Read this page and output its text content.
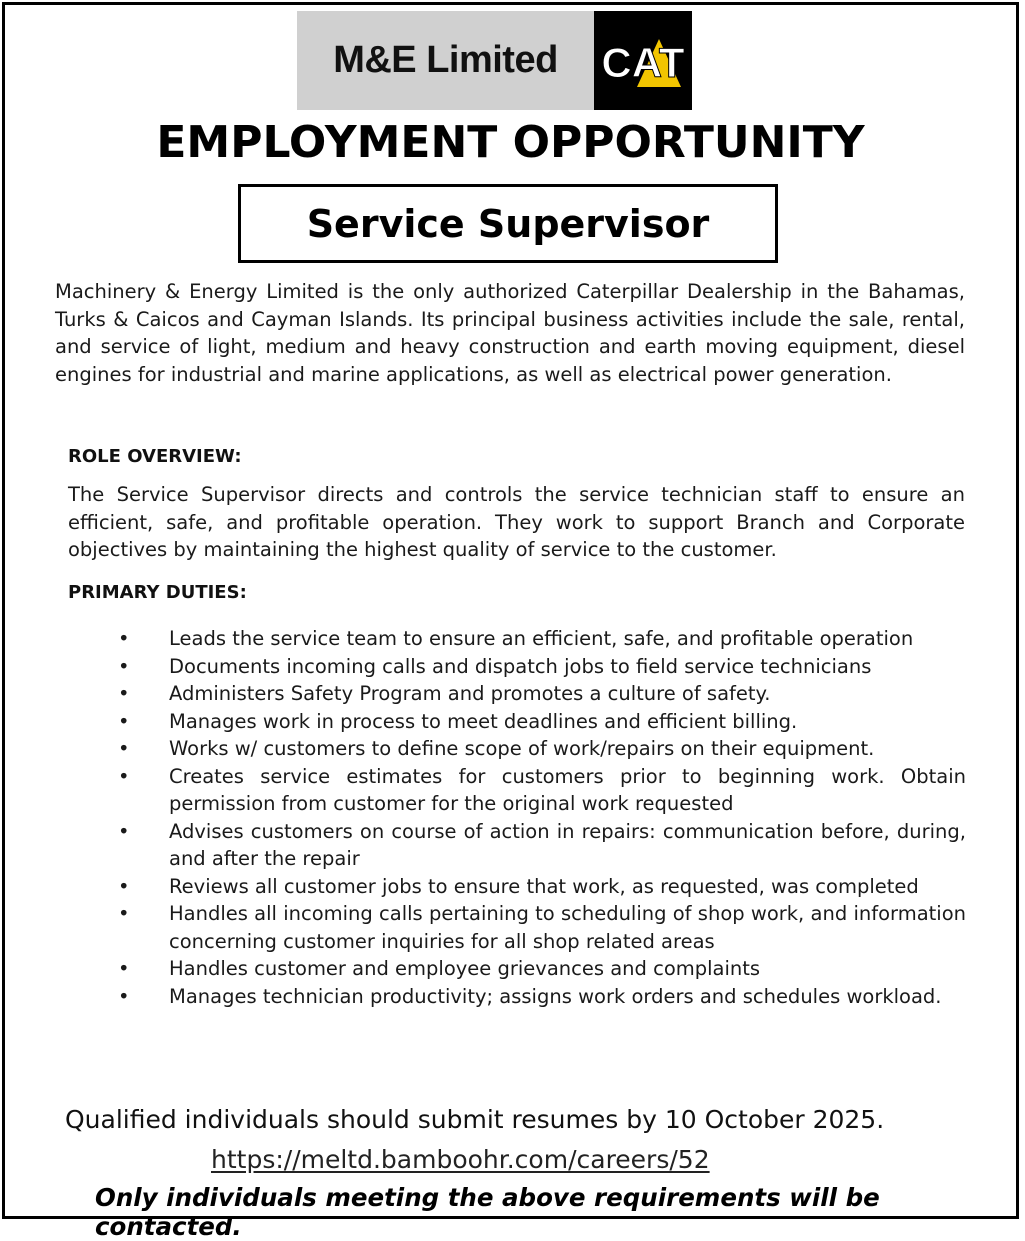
M&E Limited	CAT
EMPLOYMENT OPPORTUNITY
Service Supervisor
Machinery & Energy Limited is the only authorized Caterpillar Dealership in the Bahamas, Turks & Caicos and Cayman Islands. Its principal business activities include the sale, rental, and service of light, medium and heavy construction and earth moving equipment, diesel engines for industrial and marine applications, as well as electrical power generation.
ROLE OVERVIEW:
The Service Supervisor directs and controls the service technician staff to ensure an efficient, safe, and profitable operation. They work to support Branch and Corporate objectives by maintaining the highest quality of service to the customer.
PRIMARY DUTIES:
• Leads the service team to ensure an efficient, safe, and profitable operation
• Documents incoming calls and dispatch jobs to field service technicians
• Administers Safety Program and promotes a culture of safety.
• Manages work in process to meet deadlines and efficient billing.
• Works w/ customers to define scope of work/repairs on their equipment.
• Creates service estimates for customers prior to beginning work. Obtain permission from customer for the original work requested
• Advises customers on course of action in repairs: communication before, during, and after the repair
• Reviews all customer jobs to ensure that work, as requested, was completed
• Handles all incoming calls pertaining to scheduling of shop work, and information concerning customer inquiries for all shop related areas
• Handles customer and employee grievances and complaints
• Manages technician productivity; assigns work orders and schedules workload.
Qualified individuals should submit resumes by 10 October 2025.
https://meltd.bamboohr.com/careers/52
Only individuals meeting the above requirements will be contacted.
